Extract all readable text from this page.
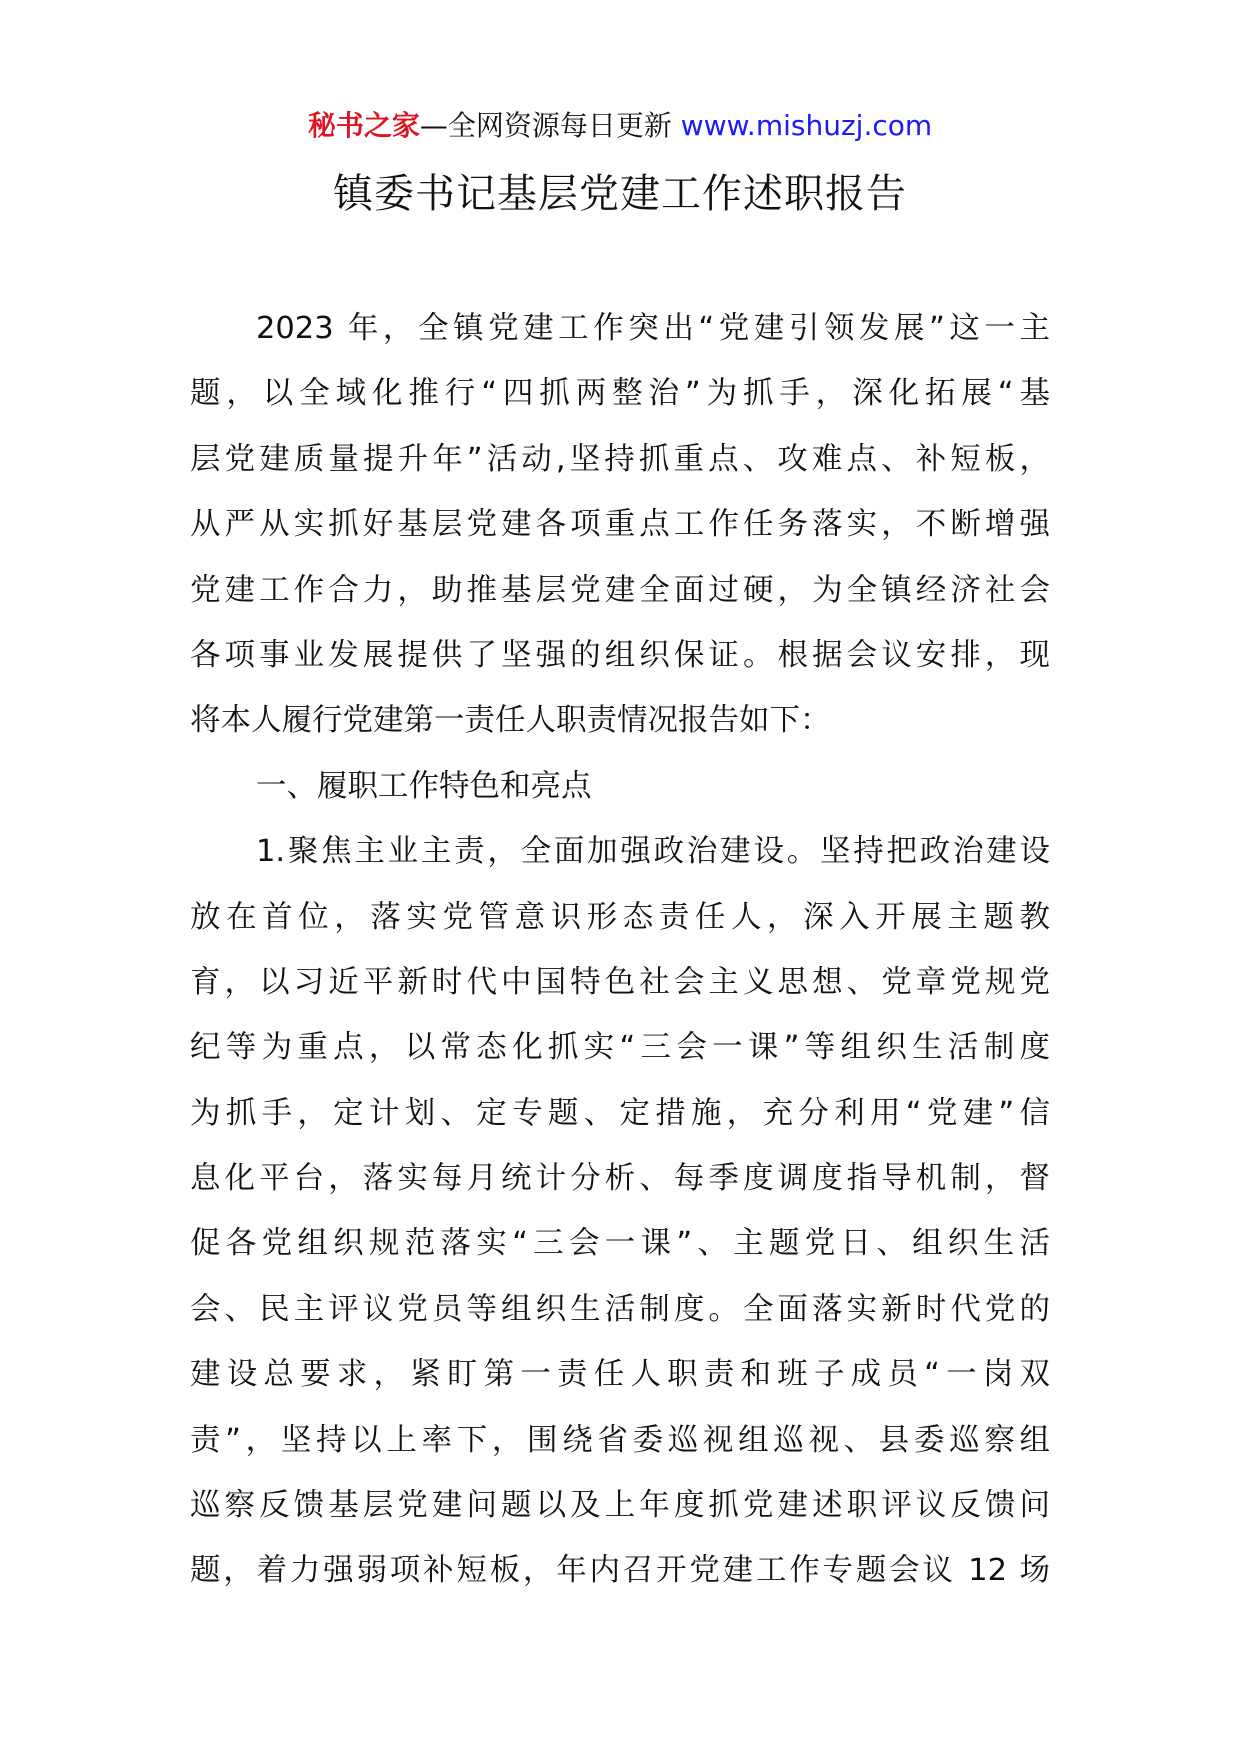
秘书之家—全网资源每日更新 www.mishuzj.com
镇委书记基层党建工作述职报告
2023 年，全镇党建工作突出“党建引领发展”这一主
题，以全域化推行“四抓两整治”为抓手，深化拓展“基
层党建质量提升年”活动,坚持抓重点、攻难点、补短板，
从严从实抓好基层党建各项重点工作任务落实，不断增强
党建工作合力，助推基层党建全面过硬，为全镇经济社会
各项事业发展提供了坚强的组织保证。根据会议安排，现
将本人履行党建第一责任人职责情况报告如下：
一、履职工作特色和亮点
1.聚焦主业主责，全面加强政治建设。坚持把政治建设
放在首位，落实党管意识形态责任人，深入开展主题教
育，以习近平新时代中国特色社会主义思想、党章党规党
纪等为重点，以常态化抓实“三会一课”等组织生活制度
为抓手，定计划、定专题、定措施，充分利用“党建”信
息化平台，落实每月统计分析、每季度调度指导机制，督
促各党组织规范落实“三会一课”、主题党日、组织生活
会、民主评议党员等组织生活制度。全面落实新时代党的
建设总要求，紧盯第一责任人职责和班子成员“一岗双
责”，坚持以上率下，围绕省委巡视组巡视、县委巡察组
巡察反馈基层党建问题以及上年度抓党建述职评议反馈问
题，着力强弱项补短板，年内召开党建工作专题会议 12 场
